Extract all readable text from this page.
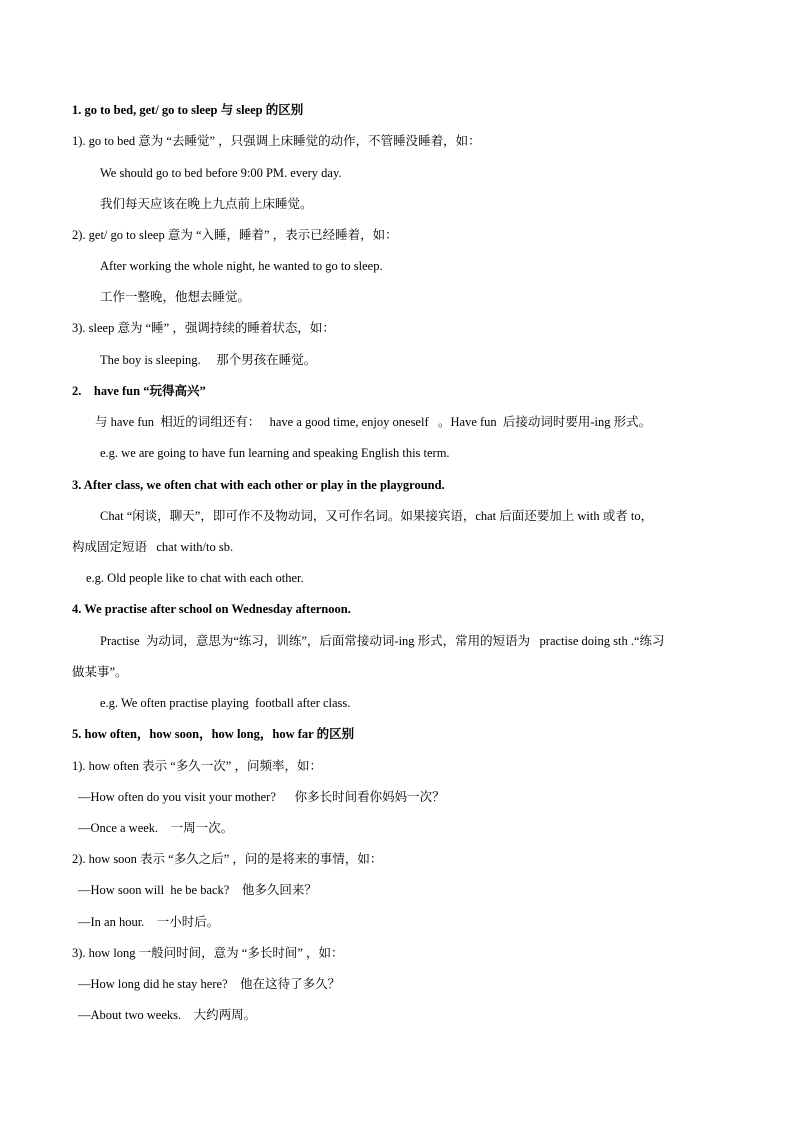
1. go to bed, get/ go to sleep 与 sleep 的区别
1). go to bed 意为 “去睡觉” ，只强调上床睡觉的动作，不管睡没睡着，如：
We should go to bed before 9:00 PM. every day.
我们每天应该在晚上九点前上床睡觉。
2). get/ go to sleep 意为 “入睡，睡着” ，表示已经睡着，如：
After working the whole night, he wanted to go to sleep.
工作一整晚，他想去睡觉。
3). sleep 意为 “睡” ，强调持续的睡着状态，如：
The boy is sleeping.     那个男孩在睡觉。
2.    have fun “玩得高兴”
与 have fun  相近的词组还有：   have a good time, enjoy oneself   。Have fun  后接动词时要用-ing 形式。
e.g. we are going to have fun learning and speaking English this term.
3. After class, we often chat with each other or play in the playground.
Chat “闲谈，聊天”，即可作不及物动词，又可作名词。如果接宾语，chat 后面还要加上 with 或者 to，
构成固定短语   chat with/to sb.
e.g. Old people like to chat with each other.
4. We practise after school on Wednesday afternoon.
Practise  为动词，意思为“练习，训练”，后面常接动词-ing 形式，常用的短语为   practise doing sth .“练习
做某事”。
e.g. We often practise playing  football after class.
5. how often，how soon，how long，how far 的区别
1). how often 表示 “多久一次” ，问频率，如：
—How often do you visit your mother?      你多长时间看你妈妈一次？
—Once a week.    一周一次。
2). how soon 表示 “多久之后” ，问的是将来的事情，如：
—How soon will  he be back?    他多久回来？
—In an hour.    一小时后。
3). how long 一般问时间，意为 “多长时间” ，如：
—How long did he stay here?    他在这待了多久？
—About two weeks.    大约两周。
